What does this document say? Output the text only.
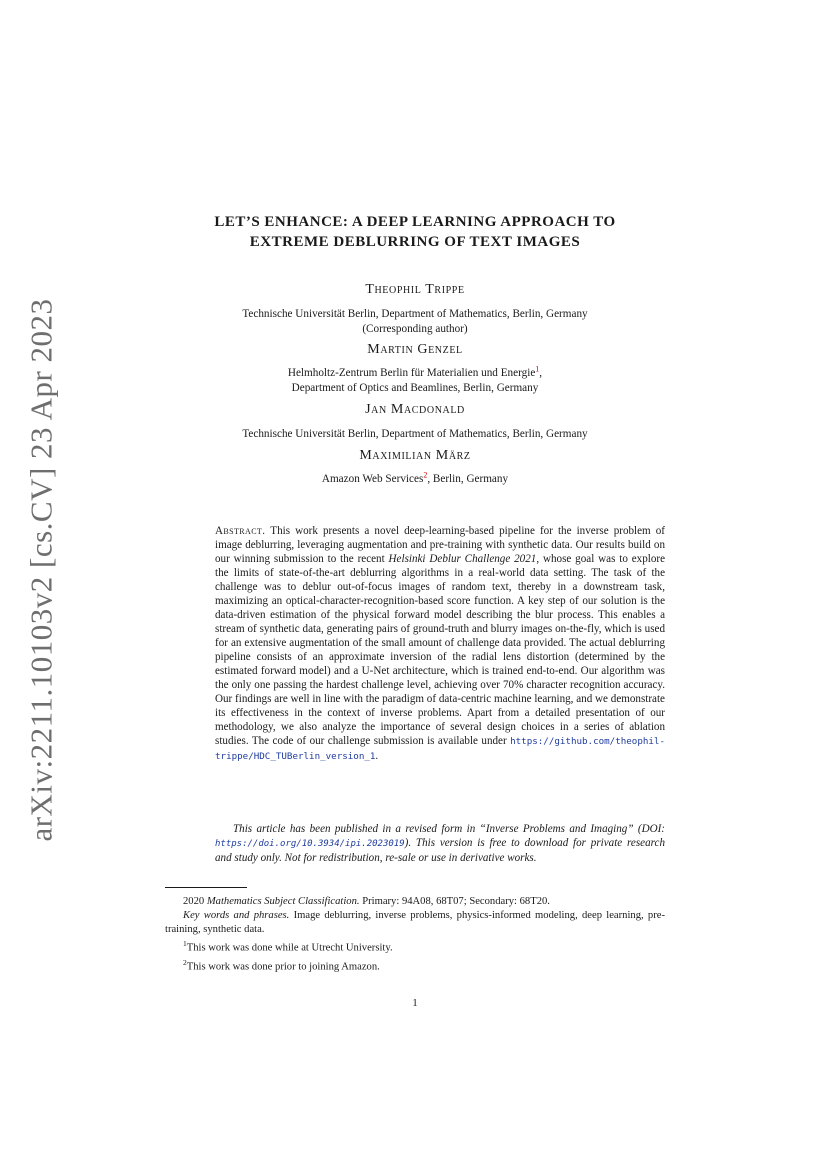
arXiv:2211.10103v2 [cs.CV] 23 Apr 2023
LET’S ENHANCE: A DEEP LEARNING APPROACH TO
EXTREME DEBLURRING OF TEXT IMAGES
Theophil Trippe
Technische Universität Berlin, Department of Mathematics, Berlin, Germany
(Corresponding author)
Martin Genzel
Helmholtz-Zentrum Berlin für Materialien und Energie$^1$,
Department of Optics and Beamlines, Berlin, Germany
Jan Macdonald
Technische Universität Berlin, Department of Mathematics, Berlin, Germany
Maximilian März
Amazon Web Services$^2$, Berlin, Germany
Abstract. This work presents a novel deep-learning-based pipeline for the inverse problem of image deblurring, leveraging augmentation and pre-training with synthetic data. Our results build on our winning submission to the recent Helsinki Deblur Challenge 2021, whose goal was to explore the limits of state-of-the-art deblurring algorithms in a real-world data setting. The task of the challenge was to deblur out-of-focus images of random text, thereby in a downstream task, maximizing an optical-character-recognition-based score function. A key step of our solution is the data-driven estimation of the physical forward model describing the blur process. This enables a stream of synthetic data, generating pairs of ground-truth and blurry images on-the-fly, which is used for an extensive augmentation of the small amount of challenge data provided. The actual deblurring pipeline consists of an approximate inversion of the radial lens distortion (determined by the estimated forward model) and a U-Net architecture, which is trained end-to-end. Our algorithm was the only one passing the hardest challenge level, achieving over 70% character recognition accuracy. Our findings are well in line with the paradigm of data-centric machine learning, and we demonstrate its effectiveness in the context of inverse problems. Apart from a detailed presentation of our methodology, we also analyze the importance of several design choices in a series of ablation studies. The code of our challenge submission is available under https://github.com/theophil-trippe/HDC_TUBerlin_version_1.
This article has been published in a revised form in “Inverse Problems and Imaging” (DOI: https://doi.org/10.3934/ipi.2023019). This version is free to download for private research and study only. Not for redistribution, re-sale or use in derivative works.

2020 Mathematics Subject Classification. Primary: 94A08, 68T07; Secondary: 68T20.

Key words and phrases. Image deblurring, inverse problems, physics-informed modeling, deep learning, pre-training, synthetic data.

$^1$This work was done while at Utrecht University.

$^2$This work was done prior to joining Amazon.

1
